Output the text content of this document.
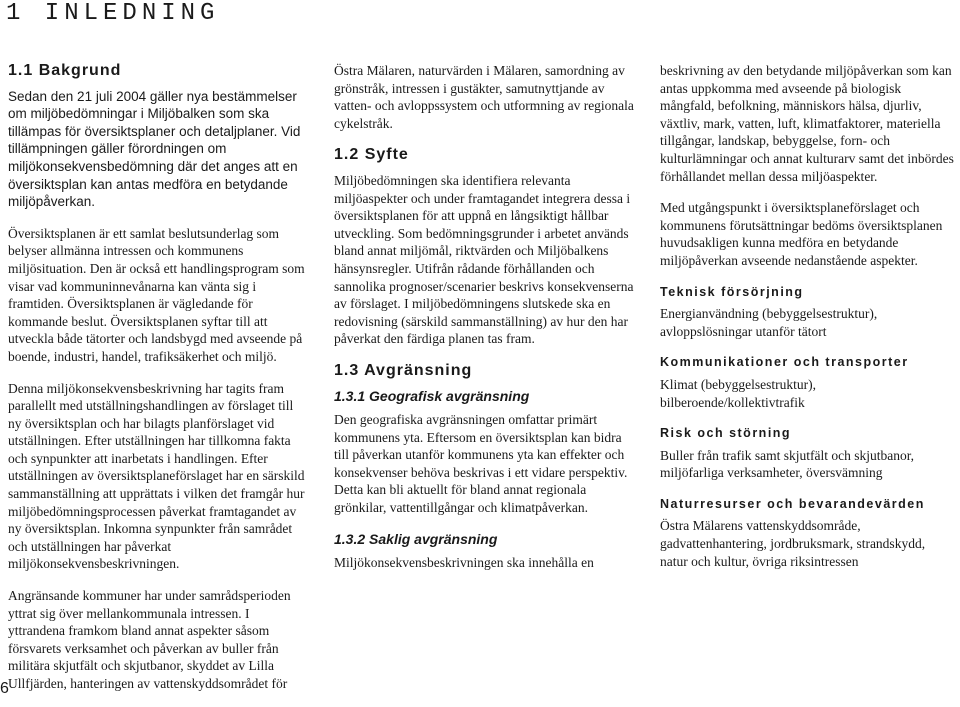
1 INLEDNING
1.1 Bakgrund

Sedan den 21 juli 2004 gäller nya bestämmelser om miljöbedömningar i Miljöbalken som ska tillämpas för översiktsplaner och detaljplaner. Vid tillämpningen gäller förordningen om miljökonsekvensbedömning där det anges att en översiktsplan kan antas medföra en betydande miljöpåverkan.

Översiktsplanen är ett samlat beslutsunderlag som belyser allmänna intressen och kommunens miljösituation. Den är också ett handlingsprogram som visar vad kommuninnevånarna kan vänta sig i framtiden. Översiktsplanen är vägledande för kommande beslut. Översiktsplanen syftar till att utveckla både tätorter och landsbygd med avseende på boende, industri, handel, trafiksäkerhet och miljö.

Denna miljökonsekvensbeskrivning har tagits fram parallellt med utställningshandlingen av förslaget till ny översiktsplan och har bilagts planförslaget vid utställningen. Efter utställningen har tillkomna fakta och synpunkter att inarbetats i handlingen. Efter utställningen av översiktsplaneförslaget har en särskild sammanställning att upprättats i vilken det framgår hur miljöbedömningsprocessen påverkat framtagandet av ny översiktsplan. Inkomna synpunkter från samrådet och utställningen har påverkat miljökonsekvensbeskrivningen.

Angränsande kommuner har under samrådsperioden yttrat sig över mellankommunala intressen. I yttrandena framkom bland annat aspekter såsom försvarets verksamhet och påverkan av buller från militära skjutfält och skjutbanor, skyddet av Lilla Ullfjärden, hanteringen av vattenskyddsområdet för

Östra Mälaren, naturvärden i Mälaren, samordning av grönstråk, intressen i gustäkter, samutnyttjande av vatten- och avloppssystem och utformning av regionala cykelstråk.

1.2 Syfte

Miljöbedömningen ska identifiera relevanta miljöaspekter och under framtagandet integrera dessa i översiktsplanen för att uppnå en långsiktigt hållbar utveckling. Som bedömningsgrunder i arbetet används bland annat miljömål, riktvärden och Miljöbalkens hänsynsregler. Utifrån rådande förhållanden och sannolika prognoser/scenarier beskrivs konsekvenserna av förslaget. I miljöbedömningens slutskede ska en redovisning (särskild sammanställning) av hur den har påverkat den färdiga planen tas fram.

1.3 Avgränsning
1.3.1 Geografisk avgränsning

Den geografiska avgränsningen omfattar primärt kommunens yta. Eftersom en översiktsplan kan bidra till påverkan utanför kommunens yta kan effekter och konsekvenser behöva beskrivas i ett vidare perspektiv. Detta kan bli aktuellt för bland annat regionala grönkilar, vattentillgångar och klimatpåverkan.

1.3.2 Saklig avgränsning

Miljökonsekvensbeskrivningen ska innehålla en

beskrivning av den betydande miljöpåverkan som kan antas uppkomma med avseende på biologisk mångfald, befolkning, människors hälsa, djurliv, växtliv, mark, vatten, luft, klimatfaktorer, materiella tillgångar, landskap, bebyggelse, forn- och kulturlämningar och annat kulturarv samt det inbördes förhållandet mellan dessa miljöaspekter.

Med utgångspunkt i översiktsplaneförslaget och kommunens förutsättningar bedöms översiktsplanen huvudsakligen kunna medföra en betydande miljöpåverkan avseende nedanstående aspekter.

Teknisk försörjning

Energianvändning (bebyggelsestruktur), avloppslösningar utanför tätort

Kommunikationer och transporter

Klimat (bebyggelsestruktur), bilberoende/kollektivtrafik

Risk och störning

Buller från trafik samt skjutfält och skjutbanor, miljöfarliga verksamheter, översvämning

Naturresurser och bevarandevärden

Östra Mälarens vattenskyddsområde, gadvattenhantering, jordbruksmark, strandskydd, natur och kultur, övriga riksintressen

6
